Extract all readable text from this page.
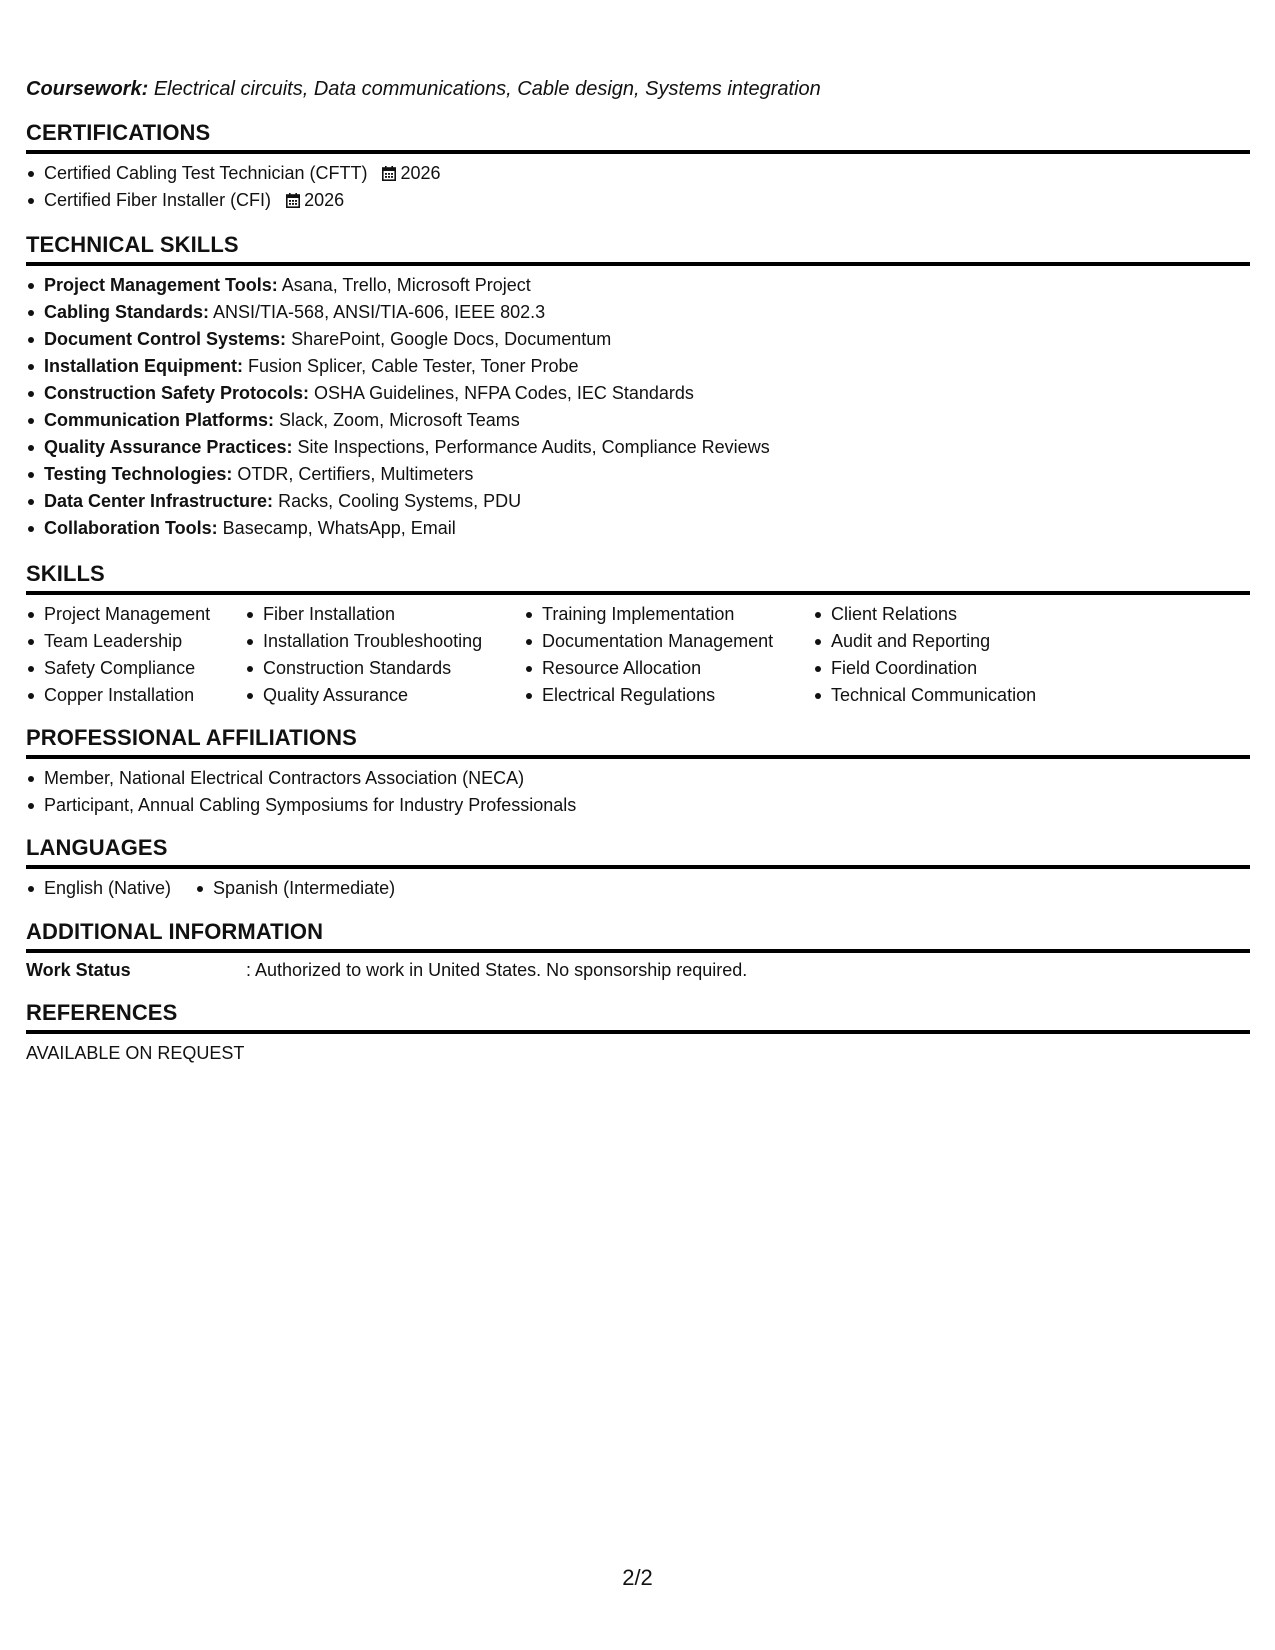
Coursework: Electrical circuits, Data communications, Cable design, Systems integration
CERTIFICATIONS
Certified Cabling Test Technician (CFTT) 2026
Certified Fiber Installer (CFI) 2026
TECHNICAL SKILLS
Project Management Tools: Asana, Trello, Microsoft Project
Cabling Standards: ANSI/TIA-568, ANSI/TIA-606, IEEE 802.3
Document Control Systems: SharePoint, Google Docs, Documentum
Installation Equipment: Fusion Splicer, Cable Tester, Toner Probe
Construction Safety Protocols: OSHA Guidelines, NFPA Codes, IEC Standards
Communication Platforms: Slack, Zoom, Microsoft Teams
Quality Assurance Practices: Site Inspections, Performance Audits, Compliance Reviews
Testing Technologies: OTDR, Certifiers, Multimeters
Data Center Infrastructure: Racks, Cooling Systems, PDU
Collaboration Tools: Basecamp, WhatsApp, Email
SKILLS
Project Management
Team Leadership
Safety Compliance
Copper Installation
Fiber Installation
Installation Troubleshooting
Construction Standards
Quality Assurance
Training Implementation
Documentation Management
Resource Allocation
Electrical Regulations
Client Relations
Audit and Reporting
Field Coordination
Technical Communication
PROFESSIONAL AFFILIATIONS
Member, National Electrical Contractors Association (NECA)
Participant, Annual Cabling Symposiums for Industry Professionals
LANGUAGES
English (Native)	Spanish (Intermediate)
ADDITIONAL INFORMATION
Work Status	: Authorized to work in United States. No sponsorship required.
REFERENCES
AVAILABLE ON REQUEST
2/2
